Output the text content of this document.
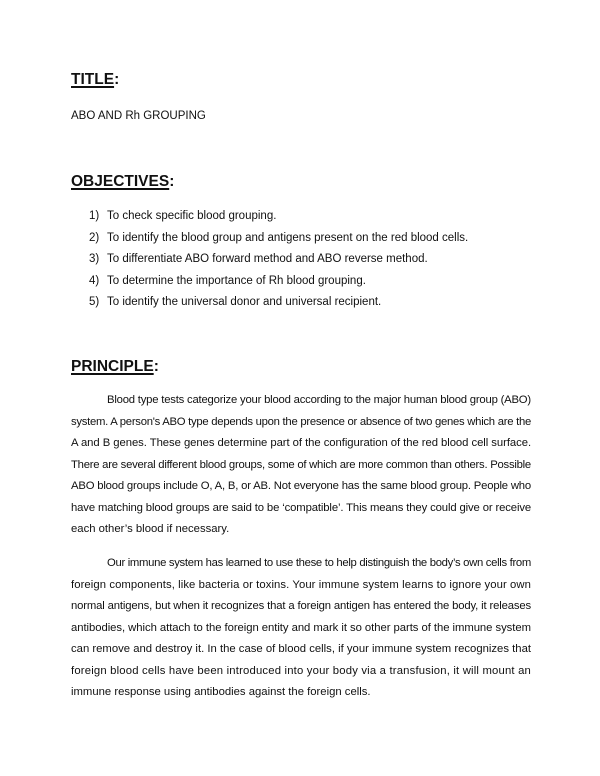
TITLE:

ABO AND Rh GROUPING

OBJECTIVES:
1) To check specific blood grouping.
2) To identify the blood group and antigens present on the red blood cells.
3) To differentiate ABO forward method and ABO reverse method.
4) To determine the importance of Rh blood grouping.
5) To identify the universal donor and universal recipient.
PRINCIPLE:
Blood type tests categorize your blood according to the major human blood group (ABO)
system. A person's ABO type depends upon the presence or absence of two genes which are the
A and B genes. These genes determine part of the configuration of the red blood cell surface.
There are several different blood groups, some of which are more common than others. Possible
ABO blood groups include O, A, B, or AB. Not everyone has the same blood group. People who
have matching blood groups are said to be ‘compatible’. This means they could give or receive
each other’s blood if necessary.
Our immune system has learned to use these to help distinguish the body’s own cells from
foreign components, like bacteria or toxins. Your immune system learns to ignore your own
normal antigens, but when it recognizes that a foreign antigen has entered the body, it releases
antibodies, which attach to the foreign entity and mark it so other parts of the immune system
can remove and destroy it. In the case of blood cells, if your immune system recognizes that
foreign blood cells have been introduced into your body via a transfusion, it will mount an
immune response using antibodies against the foreign cells.
